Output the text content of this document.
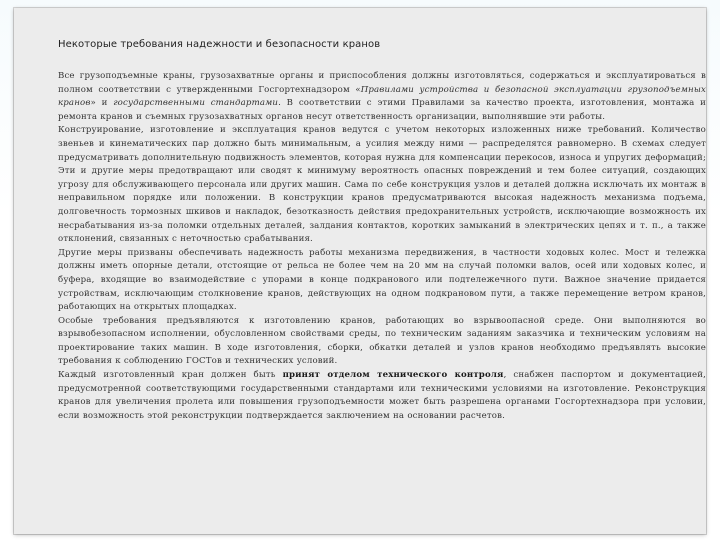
Некоторые требования надежности и безопасности кранов

Все грузоподъемные краны, грузозахватные органы и приспособления должны изготовляться, содержаться и эксплуатироваться в полном соответствии с утвержденными Госгортехнадзором «Правилами устройства и безопасной эксплуатации грузоподъемных кранов» и государственными стандартами. В соответствии с этими Правилами за качество проекта, изготовления, монтажа и ремонта кранов и съемных грузозахватных органов несут ответственность организации, выполнявшие эти работы.

Конструирование, изготовление и эксплуатация кранов ведутся с учетом некоторых изложенных ниже требований. Количество звеньев и кинематических пар должно быть минимальным, а усилия между ними — распределятся равномерно. В схемах следует предусматривать дополнительную подвижность элементов, которая нужна для компенсации перекосов, износа и упругих деформаций; Эти и другие меры предотвращают или сводят к минимуму вероятность опасных повреждений и тем более ситуаций, создающих угрозу для обслуживающего персонала или других машин. Сама по себе конструкция узлов и деталей должна исключать их монтаж в неправильном порядке или положении. В конструкции кранов предусматриваются высокая надежность механизма подъема, долговечность тормозных шкивов и накладок, безотказность действия предохранительных устройств, исключающие возможность их несрабатывания из-за поломки отдельных деталей, залдания контактов, коротких замыканий в электрических цепях и т. п., а также отклонений, связанных с неточностью срабатывания.

Другие меры призваны обеспечивать надежность работы механизма передвижения, в частности ходовых колес. Мост и тележка должны иметь опорные детали, отстоящие от рельса не более чем на 20 мм на случай поломки валов, осей или ходовых колес, и буфера, входящие во взаимодействие с упорами в конце подкранового или подтележечного пути. Важное значение придается устройствам, исключающим столкновение кранов, действующих на одном подкрановом пути, а также перемещение ветром кранов, работающих на открытых площадках.

Особые требования предъявляются к изготовлению кранов, работающих во взрывоопасной среде. Они выполняются во взрывобезопасном исполнении, обусловленном свойствами среды, по техническим заданиям заказчика и техническим условиям на проектирование таких машин. В ходе изготовления, сборки, обкатки деталей и узлов кранов необходимо предъявлять высокие требования к соблюдению ГОСТов и технических условий.

Каждый изготовленный кран должен быть принят отделом технического контроля, снабжен паспортом и документацией, предусмотренной соответствующими государственными стандартами или техническими условиями на изготовление. Реконструкция кранов для увеличения пролета или повышения грузоподъемности может быть разрешена органами Госгортехнадзора при условии, если возможность этой реконструкции подтверждается заключением на основании расчетов.
